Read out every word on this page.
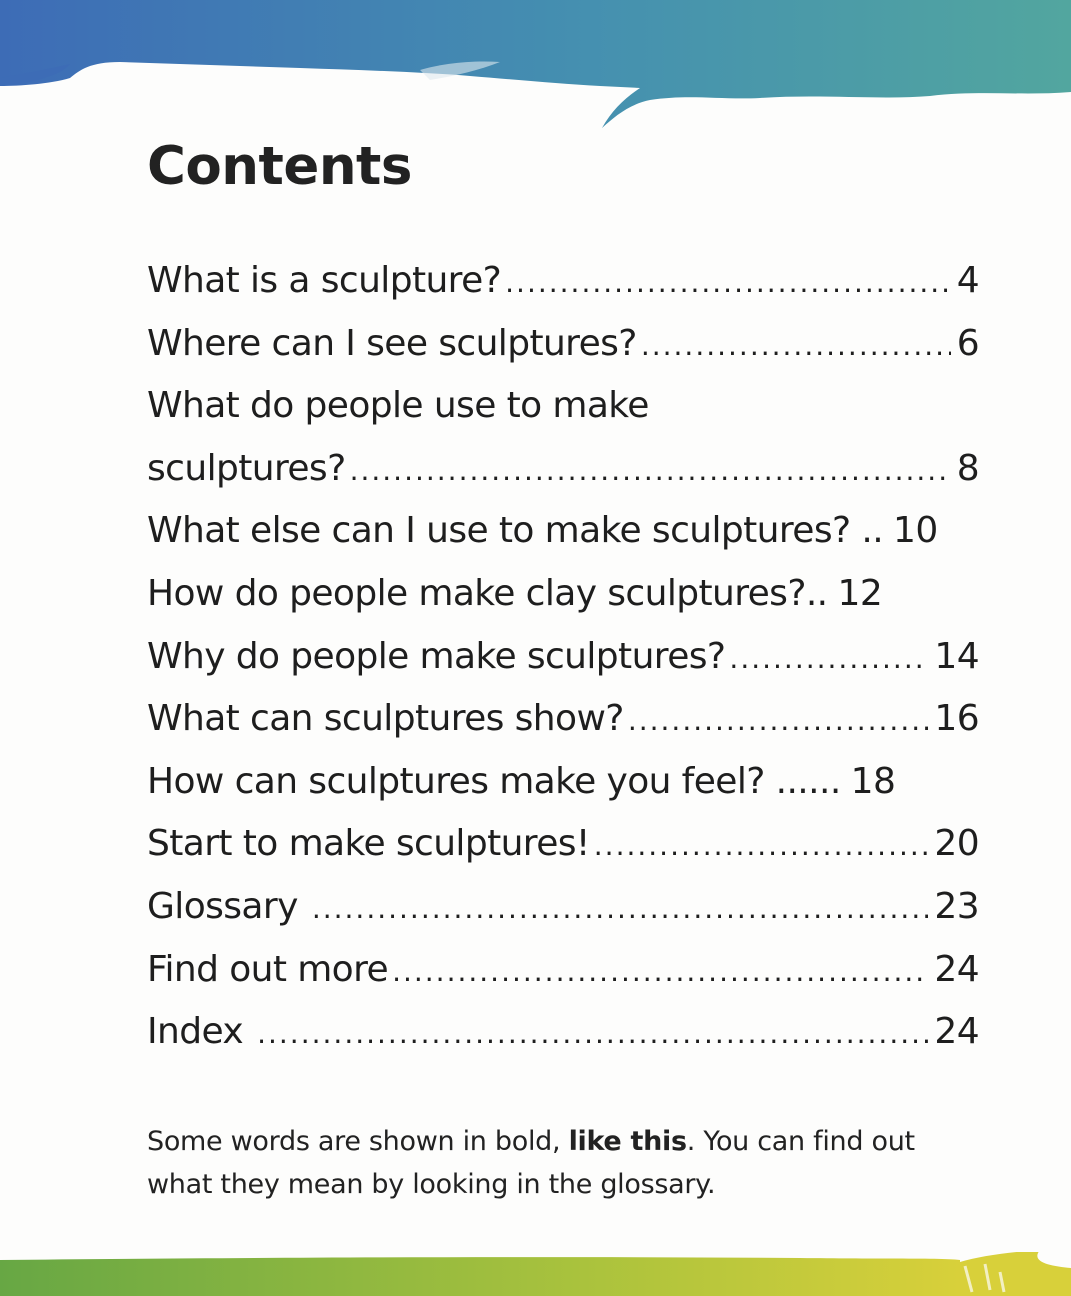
Contents
What is a sculpture? .....	4
Where can I see sculptures? .....	6
What do people use to make
sculptures? .....	8
What else can I use to make sculptures? .. 10
How do people make clay sculptures?.. 12
Why do people make sculptures? .....	14
What can sculptures show? .....	16
How can sculptures make you feel? ...... 18
Start to make sculptures! .....	20
Glossary .....	23
Find out more .....	24
Index .....	24

Some words are shown in bold, like this. You can find out what they mean by looking in the glossary.
